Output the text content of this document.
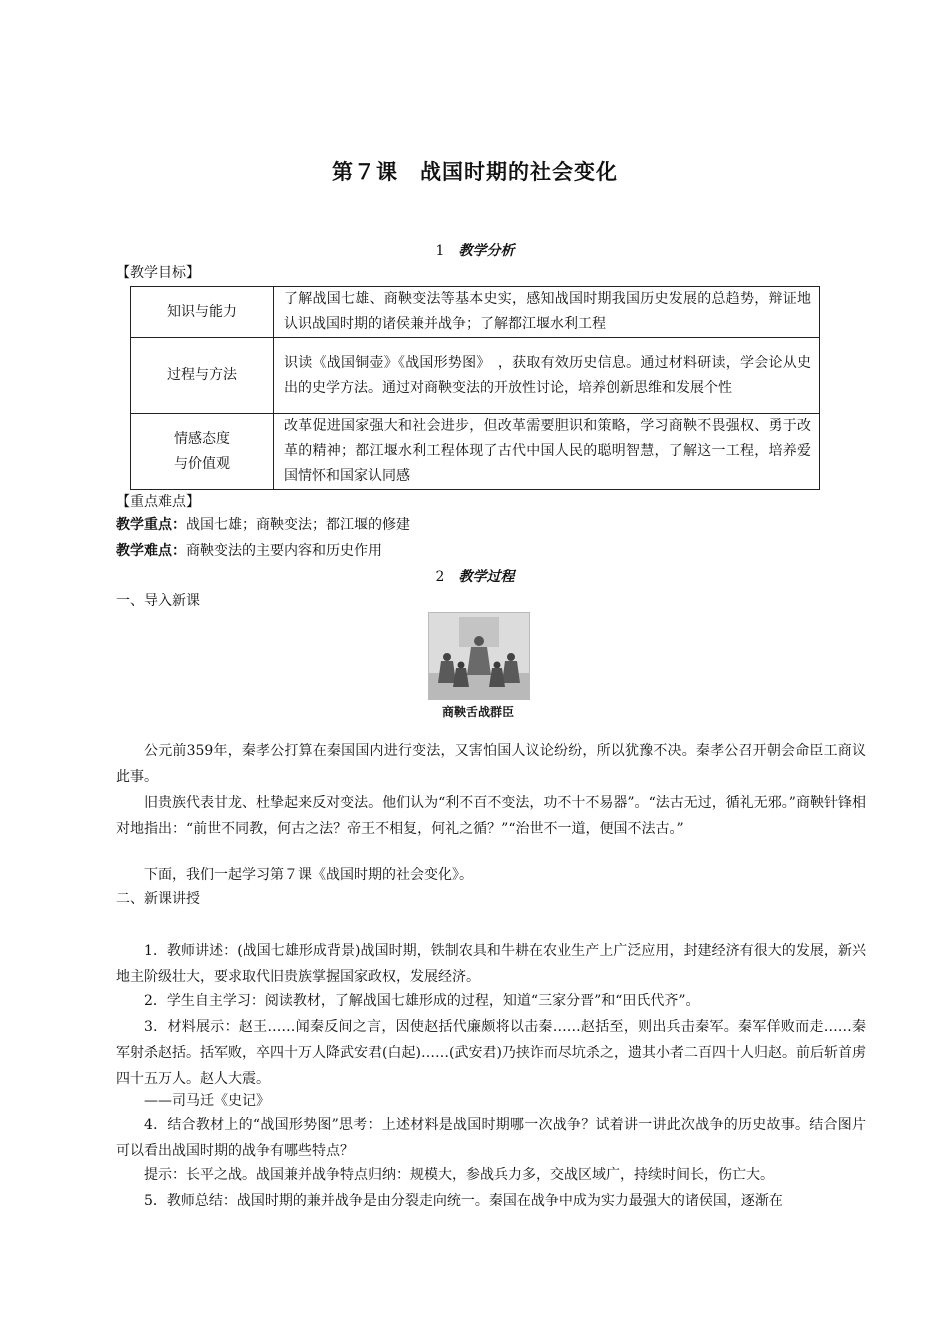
第７课　战国时期的社会变化
1 教学分析
【教学目标】
知识与能力	了解战国七雄、商鞅变法等基本史实，感知战国时期我国历史发展的总趋势，辩证地认识战国时期的诸侯兼并战争；了解都江堰水利工程
过程与方法	识读《战国铜壶》《战国形势图》　，获取有效历史信息。通过材料研读，学会论从史出的史学方法。通过对商鞅变法的开放性讨论，培养创新思维和发展个性

情感态度
与价值观	改革促进国家强大和社会进步，但改革需要胆识和策略，学习商鞅不畏强权、勇于改革的精神；都江堰水利工程体现了古代中国人民的聪明智慧，了解这一工程，培养爱国情怀和国家认同感
【重点难点】
教学重点：战国七雄；商鞅变法；都江堰的修建
教学难点：商鞅变法的主要内容和历史作用
2 教学过程
一、导入新课
商鞅舌战群臣
公元前359年，秦孝公打算在秦国国内进行变法，又害怕国人议论纷纷，所以犹豫不决。秦孝公召开朝会命臣工商议此事。
旧贵族代表甘龙、杜挚起来反对变法。他们认为“利不百不变法，功不十不易器”。“法古无过，循礼无邪。”商鞅针锋相对地指出：“前世不同教，何古之法？帝王不相复，何礼之循？”“治世不一道，便国不法古。”
下面，我们一起学习第７课《战国时期的社会变化》。
二、新课讲授
1．教师讲述：(战国七雄形成背景)战国时期，铁制农具和牛耕在农业生产上广泛应用，封建经济有很大的发展，新兴地主阶级壮大，要求取代旧贵族掌握国家政权，发展经济。
2．学生自主学习：阅读教材，了解战国七雄形成的过程，知道“三家分晋”和“田氏代齐”。
3．材料展示：赵王……闻秦反间之言，因使赵括代廉颇将以击秦……赵括至，则出兵击秦军。秦军佯败而走……秦军射杀赵括。括军败，卒四十万人降武安君(白起)……(武安君)乃挟诈而尽坑杀之，遗其小者二百四十人归赵。前后斩首虏四十五万人。赵人大震。
——司马迁《史记》
4．结合教材上的“战国形势图”思考：上述材料是战国时期哪一次战争？试着讲一讲此次战争的历史故事。结合图片可以看出战国时期的战争有哪些特点？
提示：长平之战。战国兼并战争特点归纳：规模大，参战兵力多，交战区域广，持续时间长，伤亡大。
5．教师总结：战国时期的兼并战争是由分裂走向统一。秦国在战争中成为实力最强大的诸侯国，逐渐在
